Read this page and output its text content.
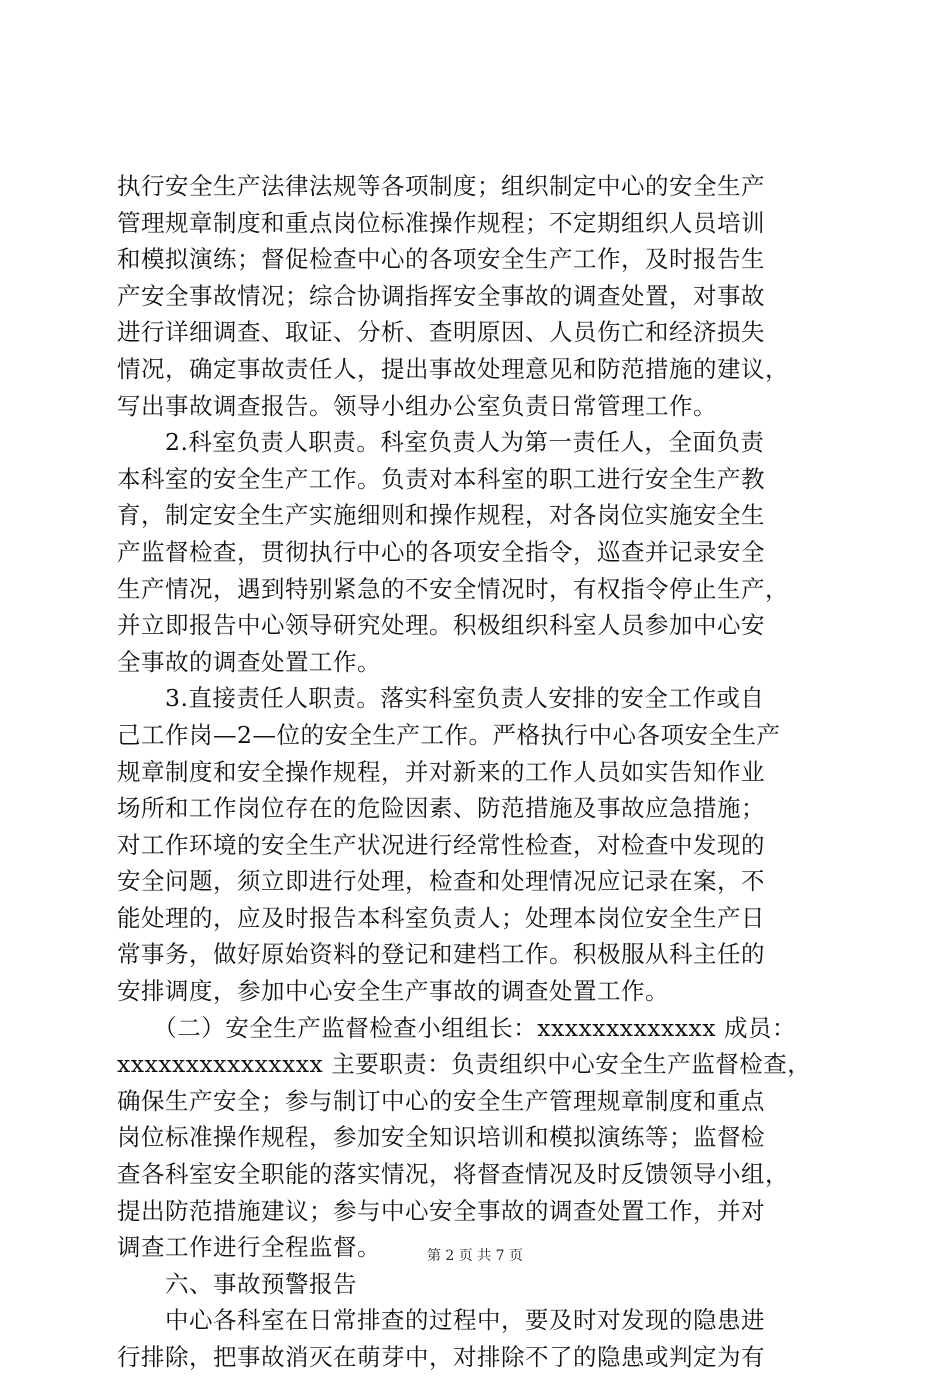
执行安全生产法律法规等各项制度；组织制定中心的安全生产
管理规章制度和重点岗位标准操作规程；不定期组织人员培训
和模拟演练；督促检查中心的各项安全生产工作，及时报告生
产安全事故情况；综合协调指挥安全事故的调查处置，对事故
进行详细调查、取证、分析、查明原因、人员伤亡和经济损失
情况，确定事故责任人，提出事故处理意见和防范措施的建议，
写出事故调查报告。领导小组办公室负责日常管理工作。
　　2.科室负责人职责。科室负责人为第一责任人，全面负责
本科室的安全生产工作。负责对本科室的职工进行安全生产教
育，制定安全生产实施细则和操作规程，对各岗位实施安全生
产监督检查，贯彻执行中心的各项安全指令，巡查并记录安全
生产情况，遇到特别紧急的不安全情况时，有权指令停止生产，
并立即报告中心领导研究处理。积极组织科室人员参加中心安
全事故的调查处置工作。
　　3.直接责任人职责。落实科室负责人安排的安全工作或自
己工作岗—2—位的安全生产工作。严格执行中心各项安全生产
规章制度和安全操作规程，并对新来的工作人员如实告知作业
场所和工作岗位存在的危险因素、防范措施及事故应急措施；
对工作环境的安全生产状况进行经常性检查，对检查中发现的
安全问题，须立即进行处理，检查和处理情况应记录在案，不
能处理的，应及时报告本科室负责人；处理本岗位安全生产日
常事务，做好原始资料的登记和建档工作。积极服从科主任的
安排调度，参加中心安全生产事故的调查处置工作。
　　（二）安全生产监督检查小组组长：xxxxxxxxxxxxx 成员：
xxxxxxxxxxxxxxx 主要职责：负责组织中心安全生产监督检查，
确保生产安全；参与制订中心的安全生产管理规章制度和重点
岗位标准操作规程，参加安全知识培训和模拟演练等；监督检
查各科室安全职能的落实情况，将督查情况及时反馈领导小组，
提出防范措施建议；参与中心安全事故的调查处置工作，并对
调查工作进行全程监督。
　　六、事故预警报告
　　中心各科室在日常排查的过程中，要及时对发现的隐患进
行排除，把事故消灭在萌芽中，对排除不了的隐患或判定为有
第 2 页 共 7 页
